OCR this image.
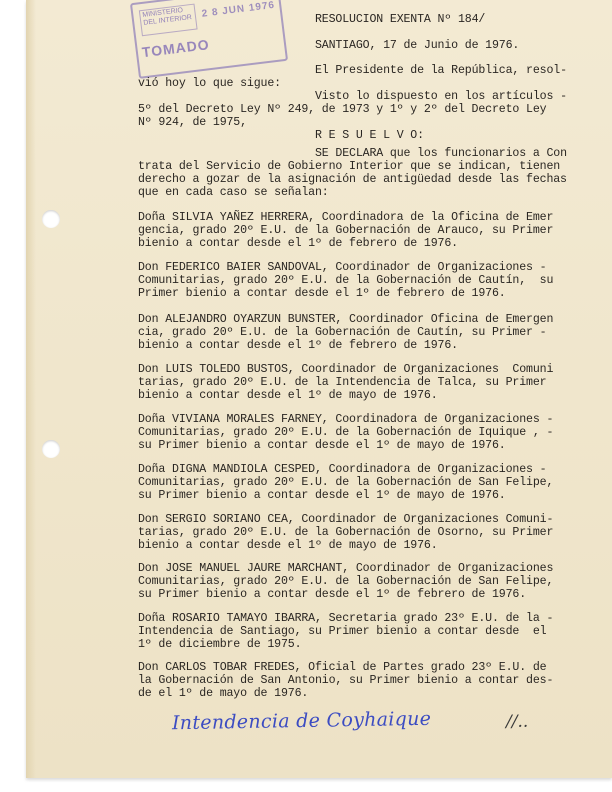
MINISTERIO DEL INTERIOR
2 8 JUN 1976
TOMADO

RESOLUCION EXENTA Nº 184/

SANTIAGO, 17 de Junio de 1976.

El Presidente de la República, resol-

vió hoy lo que sigue:

Visto lo dispuesto en los artículos -

5º del Decreto Ley Nº 249, de 1973 y 1º y 2º del Decreto Ley

Nº 924, de 1975,

R E S U E L V O:

SE DECLARA que los funcionarios a Con

trata del Servicio de Gobierno Interior que se indican, tienen

derecho a gozar de la asignación de antigüedad desde las fechas

que en cada caso se señalan:

Doña SILVIA YAÑEZ HERRERA, Coordinadora de la Oficina de Emer

gencia, grado 20º E.U. de la Gobernación de Arauco, su Primer

bienio a contar desde el 1º de febrero de 1976.

Don FEDERICO BAIER SANDOVAL, Coordinador de Organizaciones -

Comunitarias, grado 20º E.U. de la Gobernación de Cautín,  su

Primer bienio a contar desde el 1º de febrero de 1976.

Don ALEJANDRO OYARZUN BUNSTER, Coordinador Oficina de Emergen

cia, grado 20º E.U. de la Gobernación de Cautín, su Primer -

bienio a contar desde el 1º de febrero de 1976.

Don LUIS TOLEDO BUSTOS, Coordinador de Organizaciones  Comuni

tarias, grado 20º E.U. de la Intendencia de Talca, su Primer

bienio a contar desde el 1º de mayo de 1976.

Doña VIVIANA MORALES FARNEY, Coordinadora de Organizaciones -

Comunitarias, grado 20º E.U. de la Gobernación de Iquique , -

su Primer bienio a contar desde el 1º de mayo de 1976.

Doña DIGNA MANDIOLA CESPED, Coordinadora de Organizaciones -

Comunitarias, grado 20º E.U. de la Gobernación de San Felipe,

su Primer bienio a contar desde el 1º de mayo de 1976.

Don SERGIO SORIANO CEA, Coordinador de Organizaciones Comuni-

tarias, grado 20º E.U. de la Gobernación de Osorno, su Primer

bienio a contar desde el 1º de mayo de 1976.

Don JOSE MANUEL JAURE MARCHANT, Coordinador de Organizaciones

Comunitarias, grado 20º E.U. de la Gobernación de San Felipe,

su Primer bienio a contar desde el 1º de febrero de 1976.

Doña ROSARIO TAMAYO IBARRA, Secretaria grado 23º E.U. de la -

Intendencia de Santiago, su Primer bienio a contar desde  el

1º de diciembre de 1975.

Don CARLOS TOBAR FREDES, Oficial de Partes grado 23º E.U. de

la Gobernación de San Antonio, su Primer bienio a contar des-

de el 1º de mayo de 1976.

Intendencia de Coyhaique	//..
